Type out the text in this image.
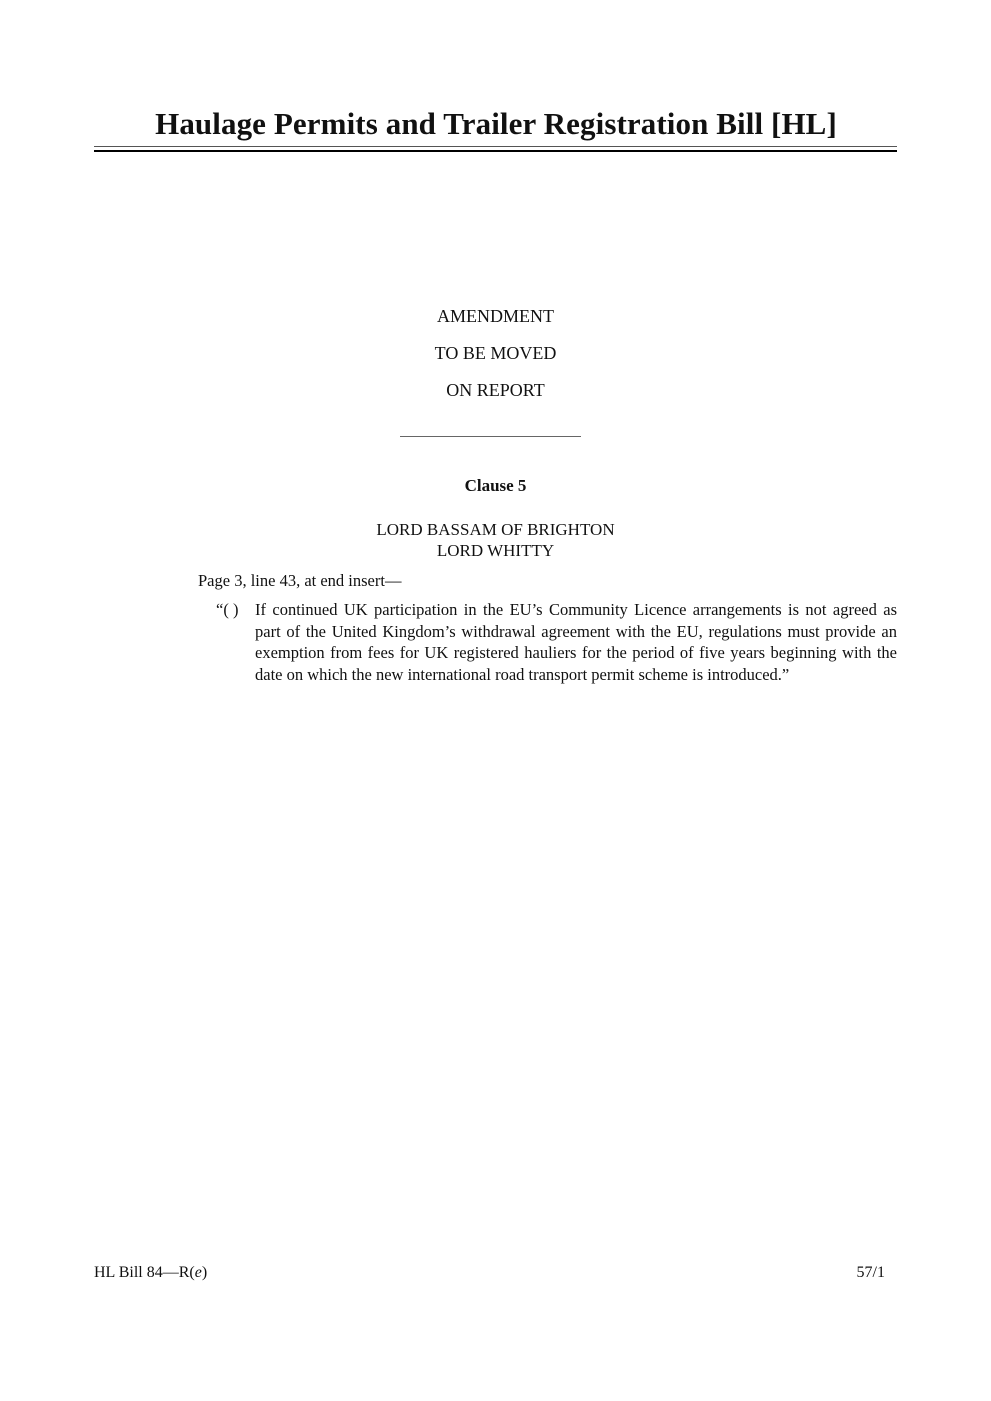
Haulage Permits and Trailer Registration Bill [HL]
AMENDMENT
TO BE MOVED
ON REPORT
Clause 5
LORD BASSAM OF BRIGHTON
LORD WHITTY
Page 3, line 43, at end insert—
“( ) If continued UK participation in the EU’s Community Licence arrangements is not agreed as part of the United Kingdom’s withdrawal agreement with the EU, regulations must provide an exemption from fees for UK registered hauliers for the period of five years beginning with the date on which the new international road transport permit scheme is introduced.”
HL Bill 84—R(e)	57/1
